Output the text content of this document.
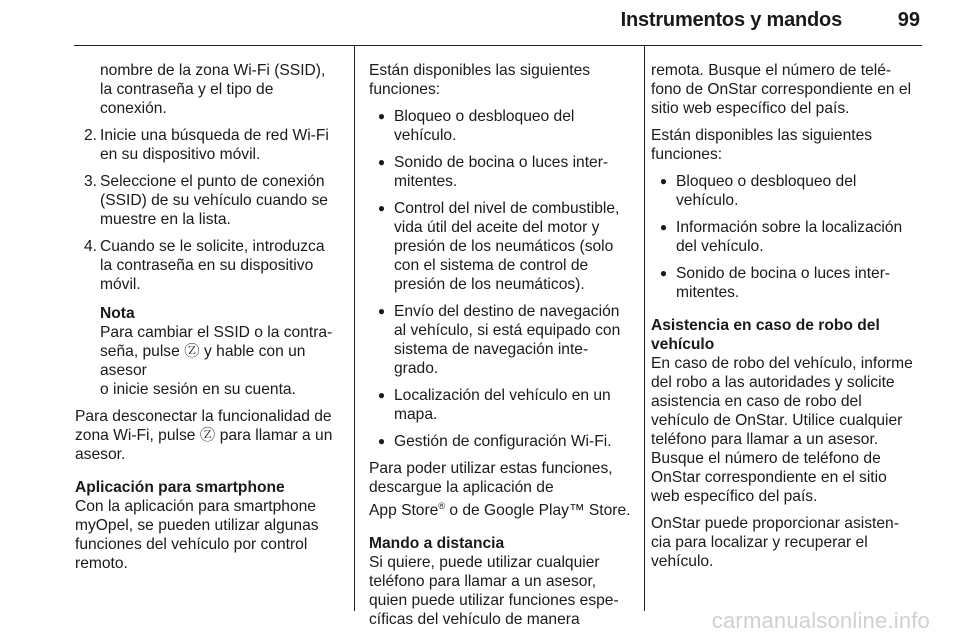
Instrumentos y mandos	99

nombre de la zona Wi-Fi (SSID),
la contraseña y el tipo de
conexión.

2. Inicie una búsqueda de red Wi-Fi
en su dispositivo móvil.
3. Seleccione el punto de conexión
(SSID) de su vehículo cuando se
muestre en la lista.
4. Cuando se le solicite, introduzca
la contraseña en su dispositivo
móvil.
Nota

Para cambiar el SSID o la contra-
seña, pulse Ⓩ y hable con un asesor
o inicie sesión en su cuenta.

Para desconectar la funcionalidad de
zona Wi-Fi, pulse Ⓩ para llamar a un
asesor.

Aplicación para smartphone

Con la aplicación para smartphone
myOpel, se pueden utilizar algunas
funciones del vehículo por control
remoto.

Están disponibles las siguientes
funciones:

● Bloqueo o desbloqueo del
vehículo.
● Sonido de bocina o luces inter-
mitentes.
● Control del nivel de combustible,
vida útil del aceite del motor y
presión de los neumáticos (solo
con el sistema de control de
presión de los neumáticos).
● Envío del destino de navegación
al vehículo, si está equipado con
sistema de navegación inte-
grado.
● Localización del vehículo en un
mapa.
● Gestión de configuración Wi-Fi.

Para poder utilizar estas funciones,
descargue la aplicación de
App Store® o de Google Play™ Store.

Mando a distancia

Si quiere, puede utilizar cualquier
teléfono para llamar a un asesor,
quien puede utilizar funciones espe-
cíficas del vehículo de manera

remota. Busque el número de telé-
fono de OnStar correspondiente en el
sitio web específico del país.

Están disponibles las siguientes
funciones:

● Bloqueo o desbloqueo del
vehículo.
● Información sobre la localización
del vehículo.
● Sonido de bocina o luces inter-
mitentes.
Asistencia en caso de robo del
vehículo

En caso de robo del vehículo, informe
del robo a las autoridades y solicite
asistencia en caso de robo del
vehículo de OnStar. Utilice cualquier
teléfono para llamar a un asesor.
Busque el número de teléfono de
OnStar correspondiente en el sitio
web específico del país.

OnStar puede proporcionar asisten-
cia para localizar y recuperar el
vehículo.

carmanualsonline.info
